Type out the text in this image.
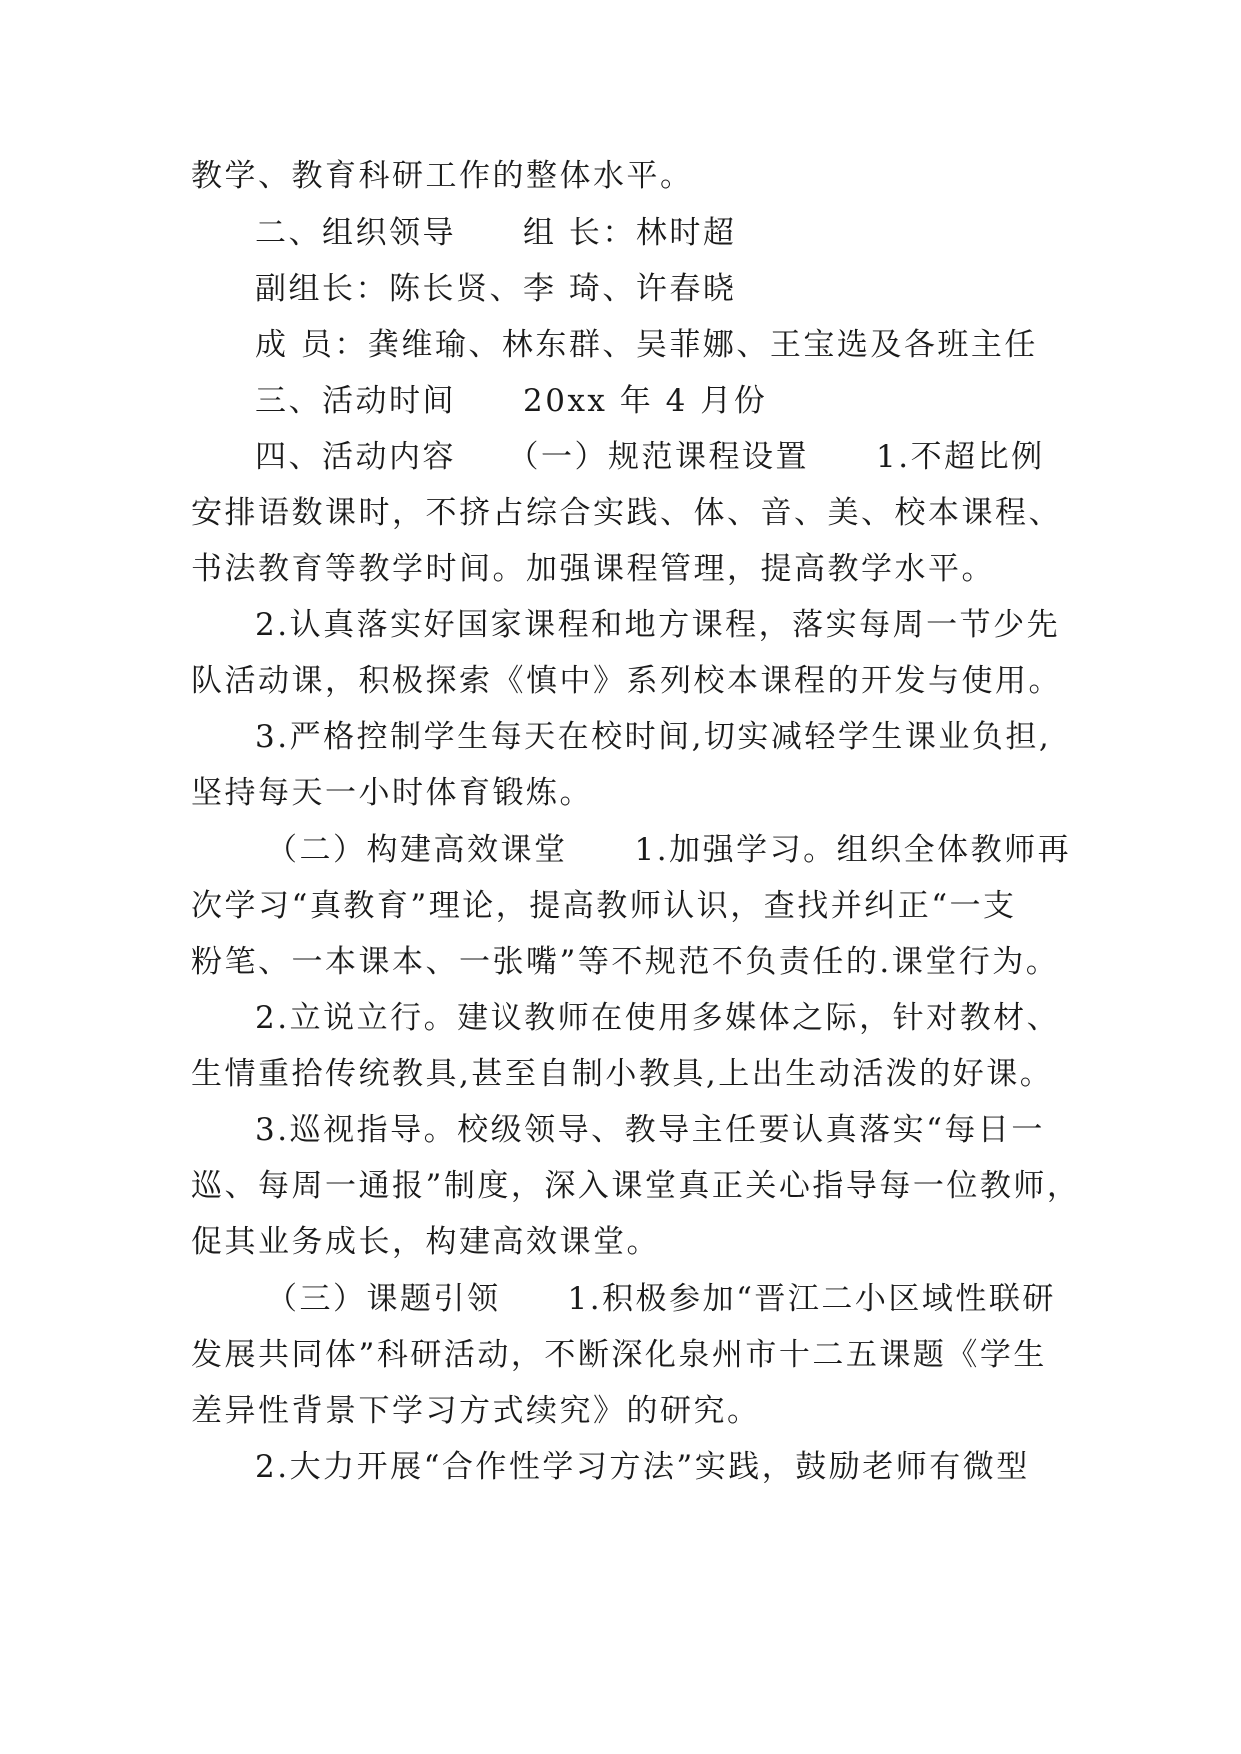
教学、教育科研工作的整体水平。
二、组织领导　　组 长：林时超
副组长：陈长贤、李 琦、许春晓
成 员：龚维瑜、林东群、吴菲娜、王宝选及各班主任
三、活动时间　　20xx 年 4 月份
四、活动内容　　（一）规范课程设置　　1.不超比例
安排语数课时，不挤占综合实践、体、音、美、校本课程、
书法教育等教学时间。加强课程管理，提高教学水平。
2.认真落实好国家课程和地方课程，落实每周一节少先
队活动课，积极探索《慎中》系列校本课程的开发与使用。
3.严格控制学生每天在校时间,切实减轻学生课业负担,
坚持每天一小时体育锻炼。
（二）构建高效课堂　　1.加强学习。组织全体教师再
次学习“真教育”理论，提高教师认识，查找并纠正“一支
粉笔、一本课本、一张嘴”等不规范不负责任的.课堂行为。
2.立说立行。建议教师在使用多媒体之际，针对教材、
生情重拾传统教具,甚至自制小教具,上出生动活泼的好课。
3.巡视指导。校级领导、教导主任要认真落实“每日一
巡、每周一通报”制度，深入课堂真正关心指导每一位教师，
促其业务成长，构建高效课堂。
（三）课题引领　　1.积极参加“晋江二小区域性联研
发展共同体”科研活动，不断深化泉州市十二五课题《学生
差异性背景下学习方式续究》的研究。
2.大力开展“合作性学习方法”实践，鼓励老师有微型
